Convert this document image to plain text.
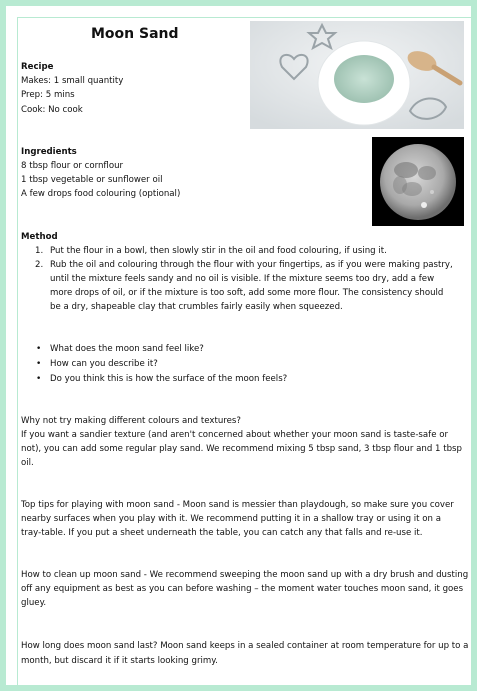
Moon Sand
Recipe
Makes: 1 small quantity
Prep: 5 mins
Cook: No cook
Ingredients
8 tbsp flour or cornflour
1 tbsp vegetable or sunflower oil
A few drops food colouring (optional)
Method
1. Put the flour in a bowl, then slowly stir in the oil and food colouring, if using it.
2. Rub the oil and colouring through the flour with your fingertips, as if you were making pastry,
until the mixture feels sandy and no oil is visible. If the mixture seems too dry, add a few
more drops of oil, or if the mixture is too soft, add some more flour. The consistency should
be a dry, shapeable clay that crumbles fairly easily when squeezed.
• What does the moon sand feel like?
• How can you describe it?
• Do you think this is how the surface of the moon feels?
Why not try making different colours and textures?
If you want a sandier texture (and aren't concerned about whether your moon sand is taste-safe or
not), you can add some regular play sand. We recommend mixing 5 tbsp sand, 3 tbsp flour and 1 tbsp
oil.
Top tips for playing with moon sand - Moon sand is messier than playdough, so make sure you cover
nearby surfaces when you play with it. We recommend putting it in a shallow tray or using it on a
tray-table. If you put a sheet underneath the table, you can catch any that falls and re-use it.
How to clean up moon sand - We recommend sweeping the moon sand up with a dry brush and dusting
off any equipment as best as you can before washing – the moment water touches moon sand, it goes
gluey.
How long does moon sand last? Moon sand keeps in a sealed container at room temperature for up to a
month, but discard it if it starts looking grimy.
